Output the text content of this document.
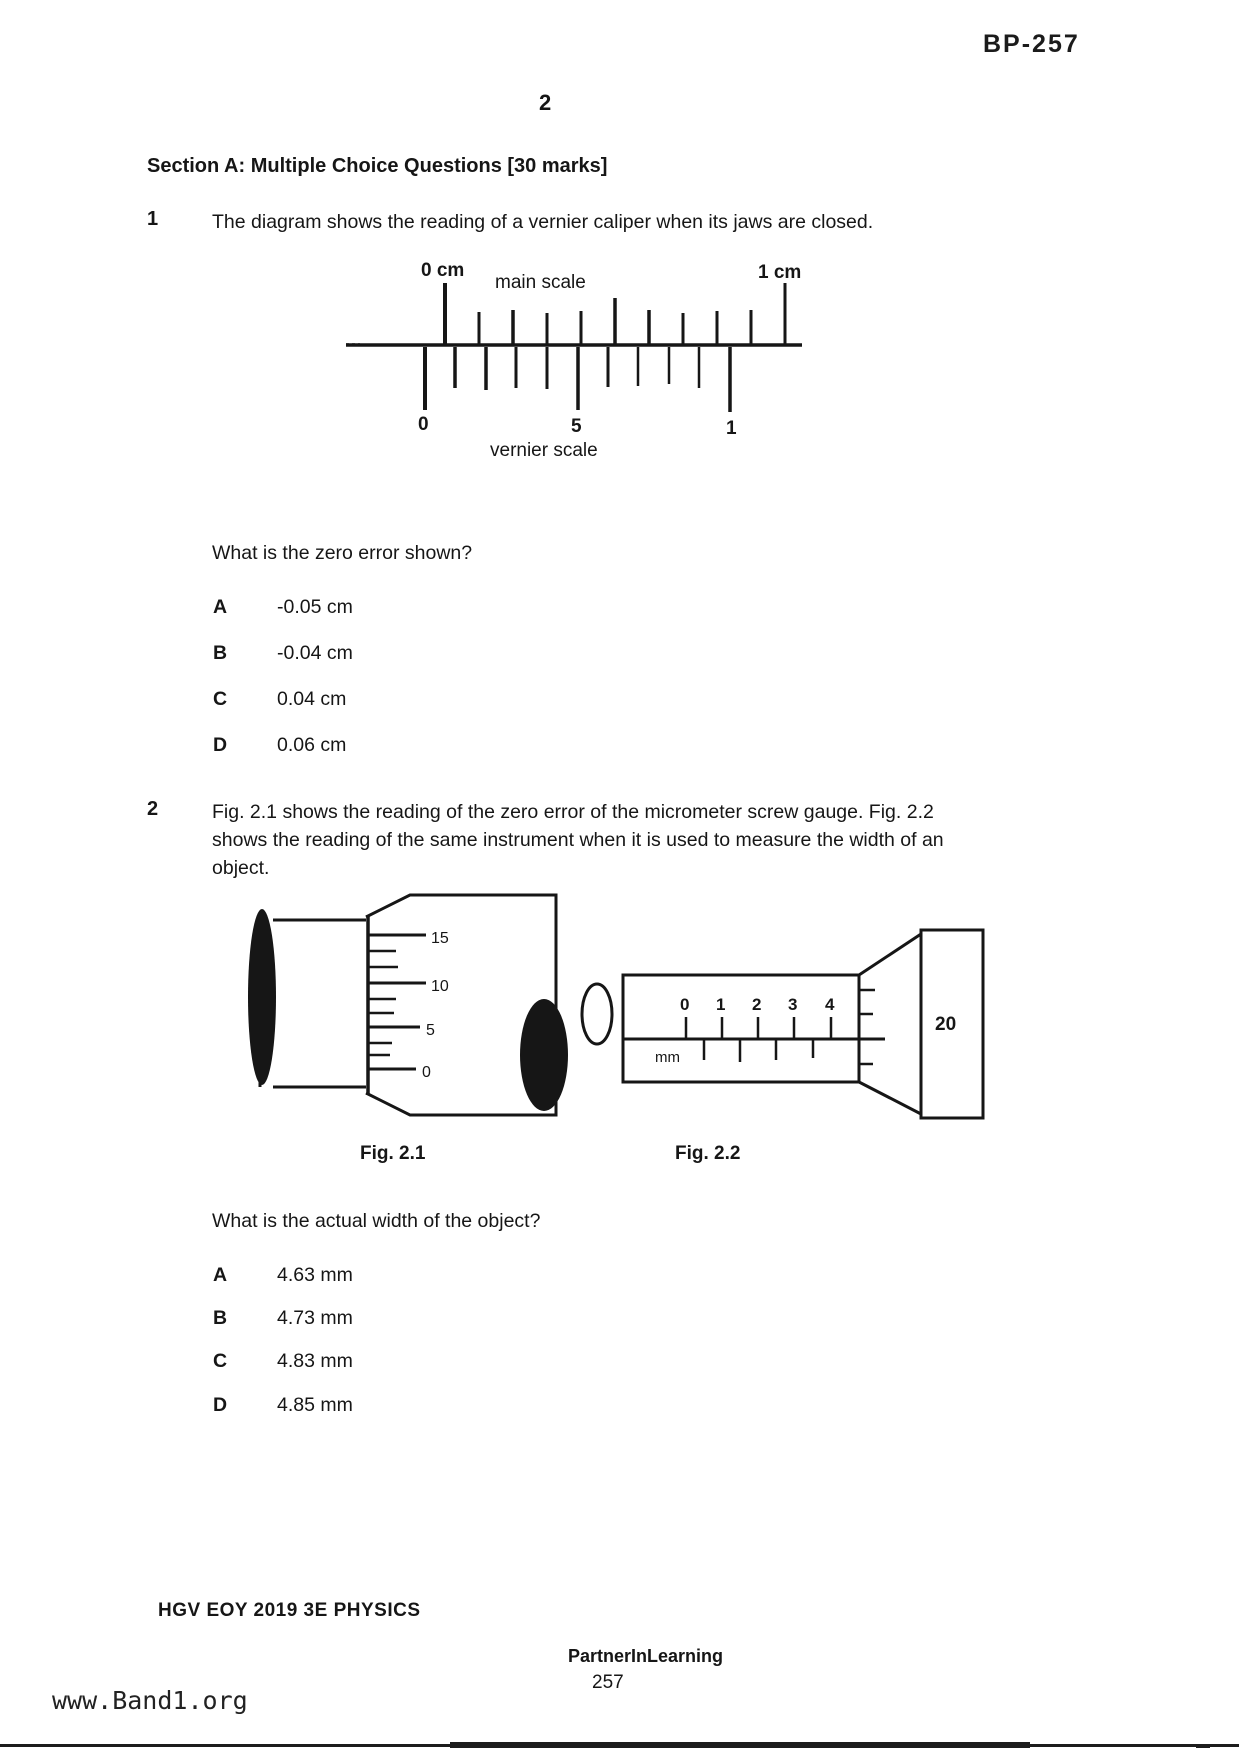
BP-257
2
Section A: Multiple Choice Questions [30 marks]
1	The diagram shows the reading of a vernier caliper when its jaws are closed.
0 cm
main scale	1 cm
0	5	1
vernier scale
What is the zero error shown?
A	-0.05 cm
B	-0.04 cm
C	0.04 cm
D	0.06 cm
2	Fig. 2.1 shows the reading of the zero error of the micrometer screw gauge. Fig. 2.2 shows the reading of the same instrument when it is used to measure the width of an object.
15
10
5
0
0 1 2 3 4
mm
20
Fig. 2.1	Fig. 2.2
What is the actual width of the object?
A	4.63 mm
B	4.73 mm
C	4.83 mm
D	4.85 mm
HGV EOY 2019 3E PHYSICS
PartnerInLearning
257
www.Band1.org
